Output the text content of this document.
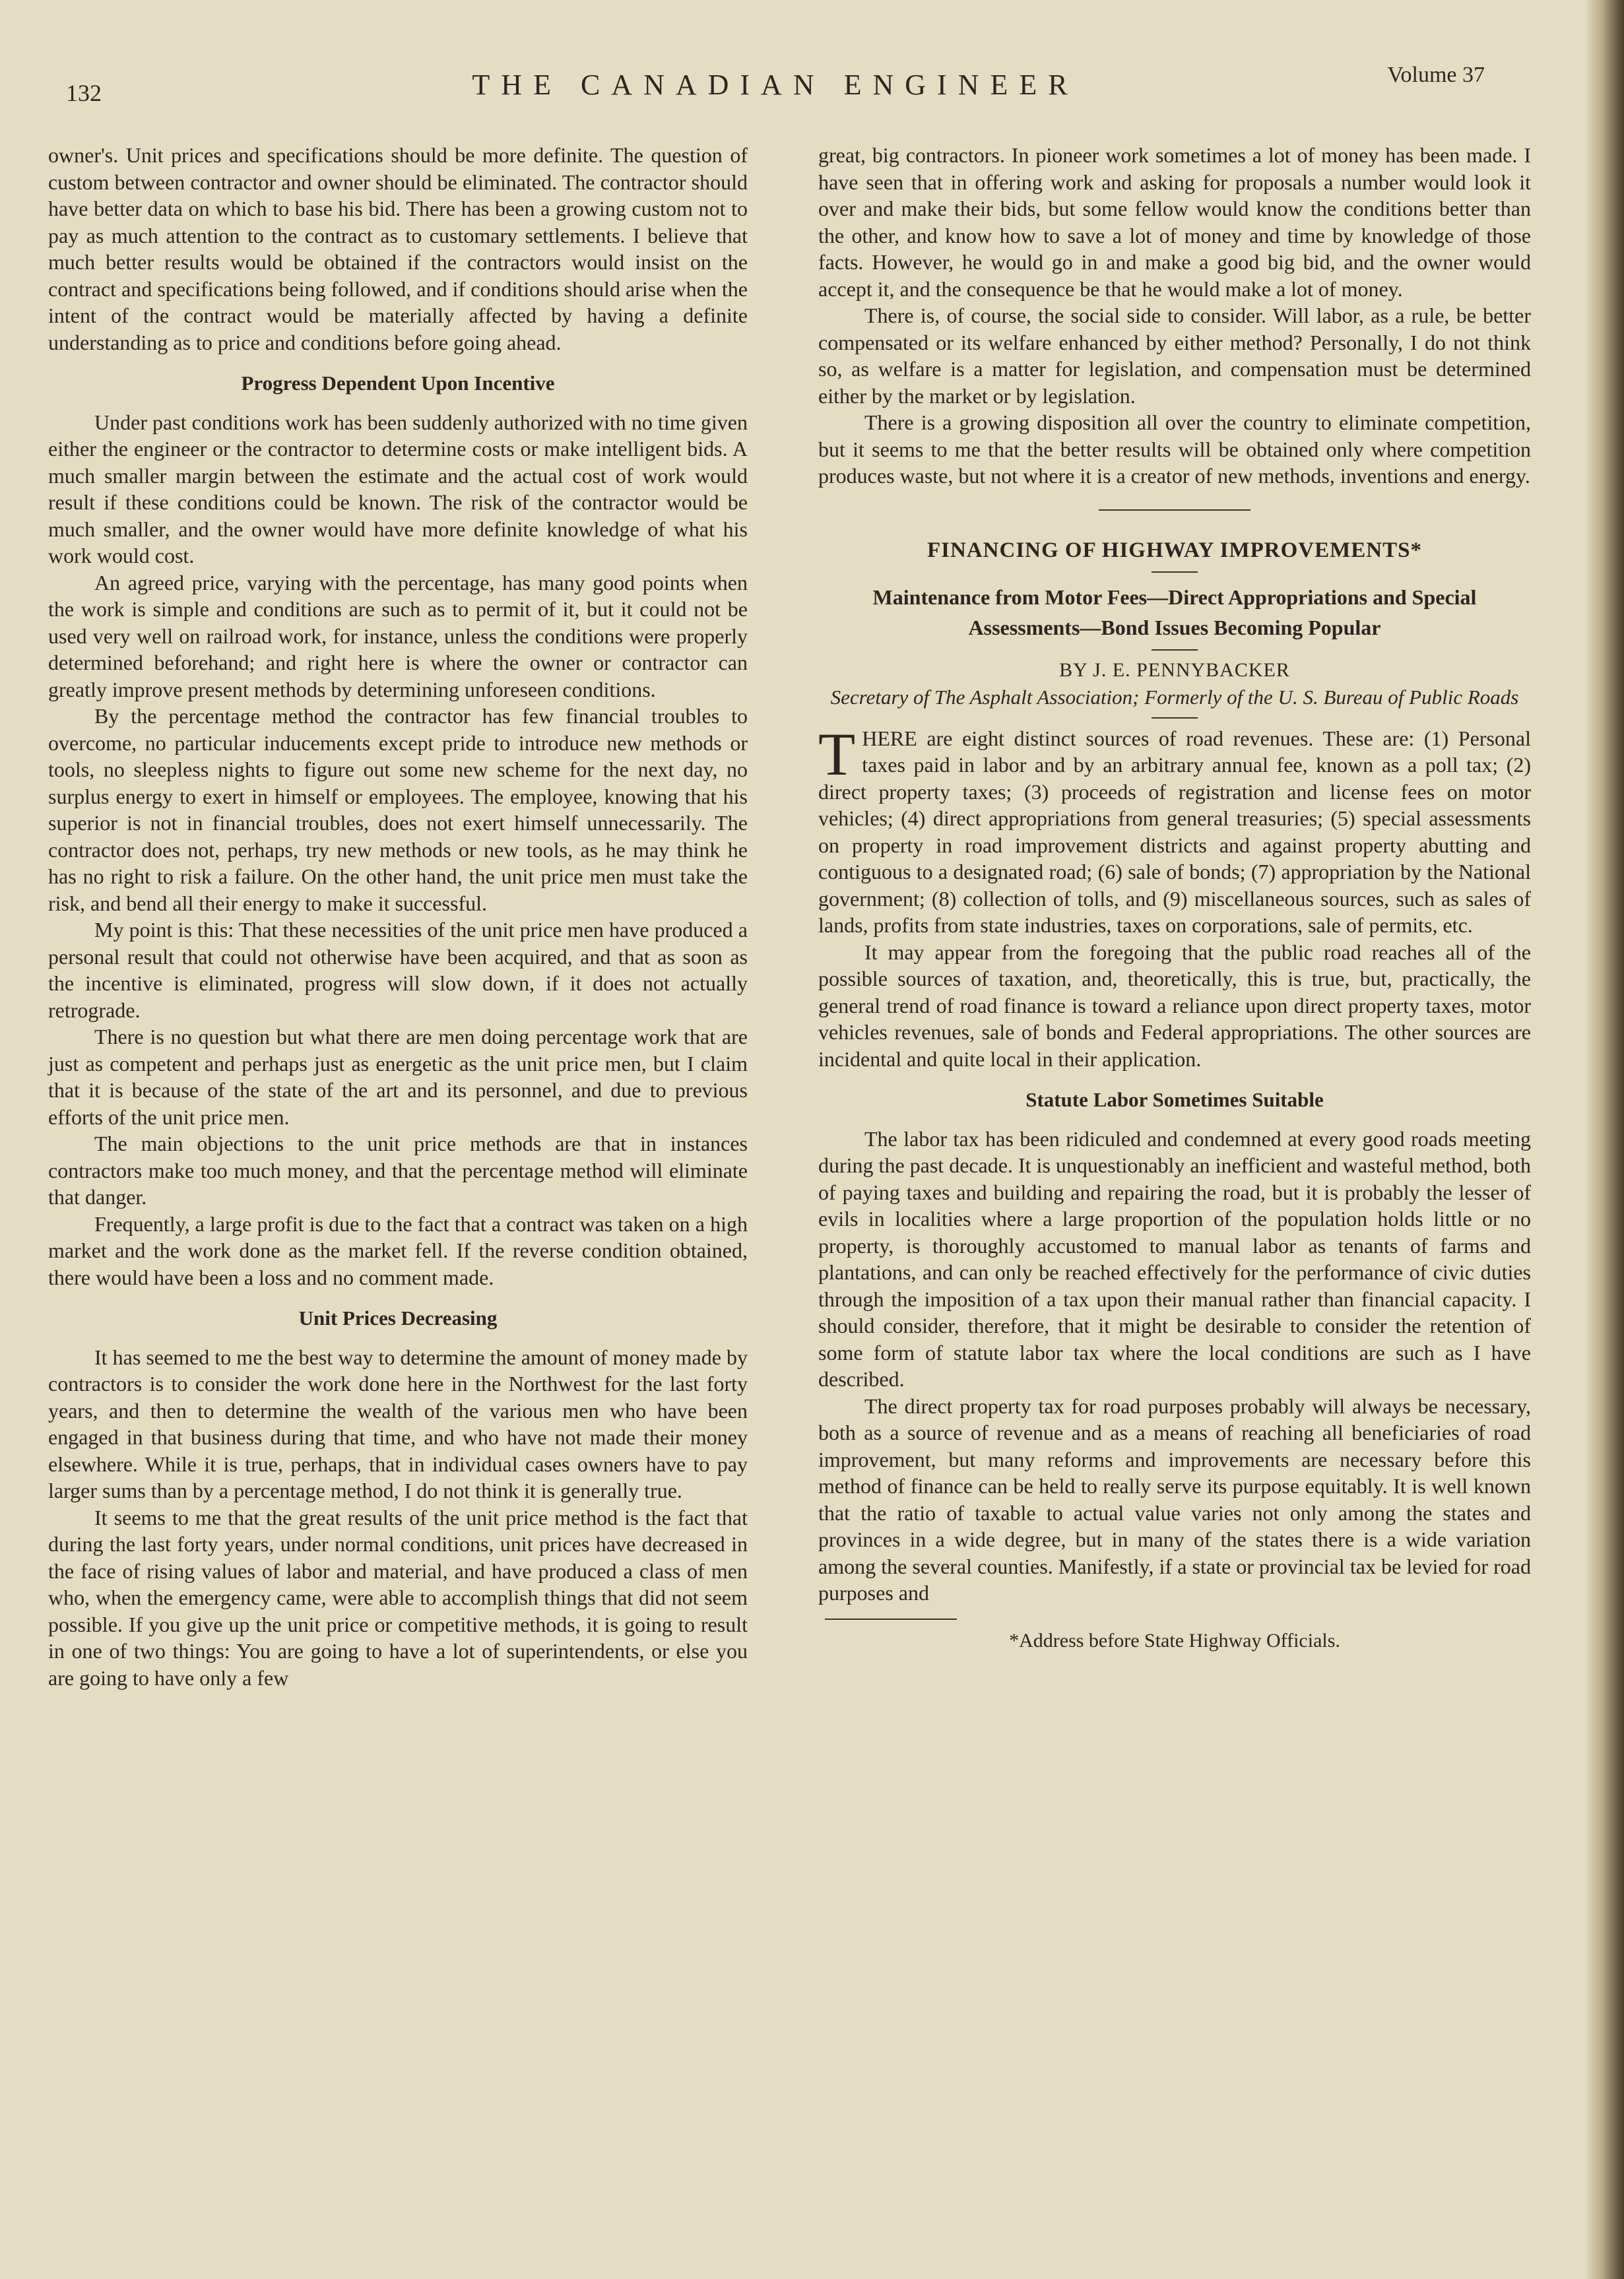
132	THE CANADIAN ENGINEER	Volume 37

owner's. Unit prices and specifications should be more definite. The question of custom between contractor and owner should be eliminated. The contractor should have better data on which to base his bid. There has been a growing custom not to pay as much attention to the contract as to customary settlements. I believe that much better results would be obtained if the contractors would insist on the contract and specifications being followed, and if conditions should arise when the intent of the contract would be materially affected by having a definite understanding as to price and conditions before going ahead.

Progress Dependent Upon Incentive

Under past conditions work has been suddenly authorized with no time given either the engineer or the contractor to determine costs or make intelligent bids. A much smaller margin between the estimate and the actual cost of work would result if these conditions could be known. The risk of the contractor would be much smaller, and the owner would have more definite knowledge of what his work would cost.

An agreed price, varying with the percentage, has many good points when the work is simple and conditions are such as to permit of it, but it could not be used very well on railroad work, for instance, unless the conditions were properly determined beforehand; and right here is where the owner or contractor can greatly improve present methods by determining unforeseen conditions.

By the percentage method the contractor has few financial troubles to overcome, no particular inducements except pride to introduce new methods or tools, no sleepless nights to figure out some new scheme for the next day, no surplus energy to exert in himself or employees. The employee, knowing that his superior is not in financial troubles, does not exert himself unnecessarily. The contractor does not, perhaps, try new methods or new tools, as he may think he has no right to risk a failure. On the other hand, the unit price men must take the risk, and bend all their energy to make it successful.

My point is this: That these necessities of the unit price men have produced a personal result that could not otherwise have been acquired, and that as soon as the incentive is eliminated, progress will slow down, if it does not actually retrograde.

There is no question but what there are men doing percentage work that are just as competent and perhaps just as energetic as the unit price men, but I claim that it is because of the state of the art and its personnel, and due to previous efforts of the unit price men.

The main objections to the unit price methods are that in instances contractors make too much money, and that the percentage method will eliminate that danger.

Frequently, a large profit is due to the fact that a contract was taken on a high market and the work done as the market fell. If the reverse condition obtained, there would have been a loss and no comment made.

Unit Prices Decreasing

It has seemed to me the best way to determine the amount of money made by contractors is to consider the work done here in the Northwest for the last forty years, and then to determine the wealth of the various men who have been engaged in that business during that time, and who have not made their money elsewhere. While it is true, perhaps, that in individual cases owners have to pay larger sums than by a percentage method, I do not think it is generally true.

It seems to me that the great results of the unit price method is the fact that during the last forty years, under normal conditions, unit prices have decreased in the face of rising values of labor and material, and have produced a class of men who, when the emergency came, were able to accomplish things that did not seem possible. If you give up the unit price or competitive methods, it is going to result in one of two things: You are going to have a lot of superintendents, or else you are going to have only a few

great, big contractors. In pioneer work sometimes a lot of money has been made. I have seen that in offering work and asking for proposals a number would look it over and make their bids, but some fellow would know the conditions better than the other, and know how to save a lot of money and time by knowledge of those facts. However, he would go in and make a good big bid, and the owner would accept it, and the consequence be that he would make a lot of money.

There is, of course, the social side to consider. Will labor, as a rule, be better compensated or its welfare enhanced by either method? Personally, I do not think so, as welfare is a matter for legislation, and compensation must be determined either by the market or by legislation.

There is a growing disposition all over the country to eliminate competition, but it seems to me that the better results will be obtained only where competition produces waste, but not where it is a creator of new methods, inventions and energy.

FINANCING OF HIGHWAY IMPROVEMENTS*
Maintenance from Motor Fees—Direct Appropriations and Special Assessments—Bond Issues Becoming Popular
BY J. E. PENNYBACKER
Secretary of The Asphalt Association; Formerly of the U. S. Bureau of Public Roads

THERE are eight distinct sources of road revenues. These are: (1) Personal taxes paid in labor and by an arbitrary annual fee, known as a poll tax; (2) direct property taxes; (3) proceeds of registration and license fees on motor vehicles; (4) direct appropriations from general treasuries; (5) special assessments on property in road improvement districts and against property abutting and contiguous to a designated road; (6) sale of bonds; (7) appropriation by the National government; (8) collection of tolls, and (9) miscellaneous sources, such as sales of lands, profits from state industries, taxes on corporations, sale of permits, etc.

It may appear from the foregoing that the public road reaches all of the possible sources of taxation, and, theoretically, this is true, but, practically, the general trend of road finance is toward a reliance upon direct property taxes, motor vehicles revenues, sale of bonds and Federal appropriations. The other sources are incidental and quite local in their application.

Statute Labor Sometimes Suitable

The labor tax has been ridiculed and condemned at every good roads meeting during the past decade. It is unquestionably an inefficient and wasteful method, both of paying taxes and building and repairing the road, but it is probably the lesser of evils in localities where a large proportion of the population holds little or no property, is thoroughly accustomed to manual labor as tenants of farms and plantations, and can only be reached effectively for the performance of civic duties through the imposition of a tax upon their manual rather than financial capacity. I should consider, therefore, that it might be desirable to consider the retention of some form of statute labor tax where the local conditions are such as I have described.

The direct property tax for road purposes probably will always be necessary, both as a source of revenue and as a means of reaching all beneficiaries of road improvement, but many reforms and improvements are necessary before this method of finance can be held to really serve its purpose equitably. It is well known that the ratio of taxable to actual value varies not only among the states and provinces in a wide degree, but in many of the states there is a wide variation among the several counties. Manifestly, if a state or provincial tax be levied for road purposes and

*Address before State Highway Officials.
